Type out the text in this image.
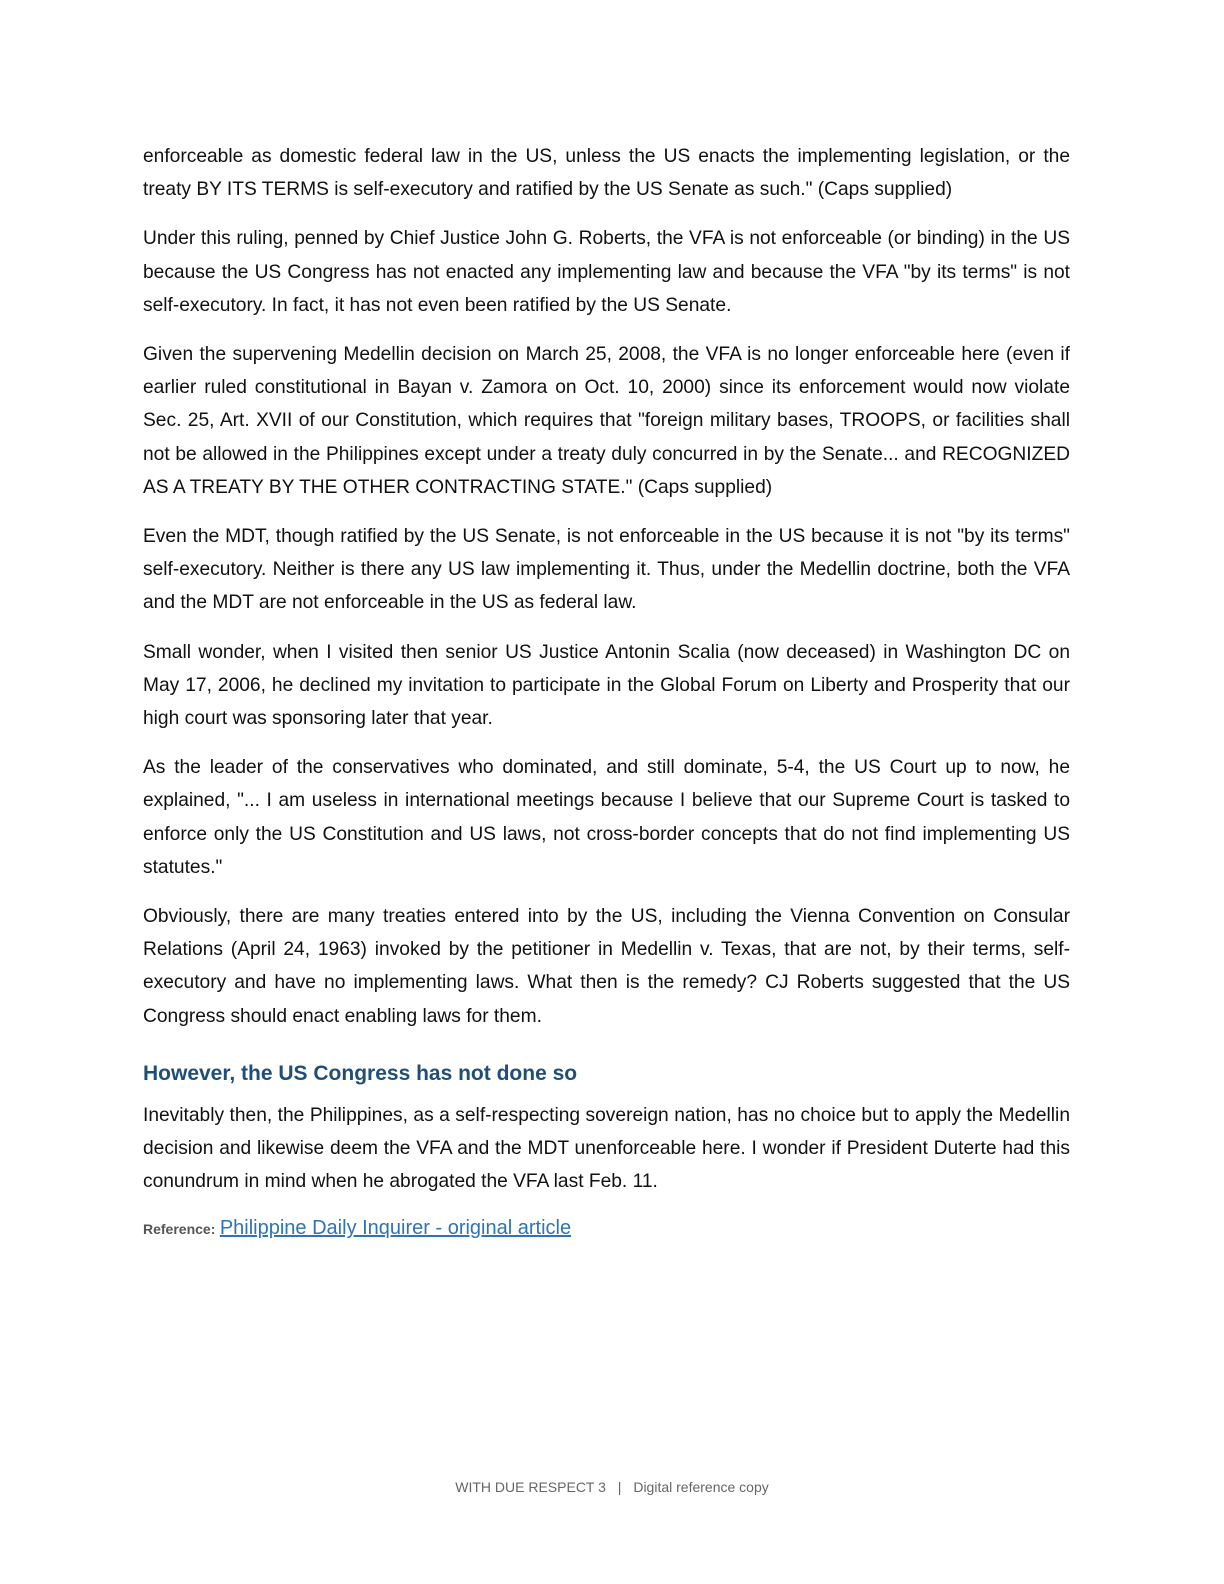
enforceable as domestic federal law in the US, unless the US enacts the implementing legislation, or the treaty BY ITS TERMS is self-executory and ratified by the US Senate as such." (Caps supplied)

Under this ruling, penned by Chief Justice John G. Roberts, the VFA is not enforceable (or binding) in the US because the US Congress has not enacted any implementing law and because the VFA "by its terms" is not self-executory. In fact, it has not even been ratified by the US Senate.

Given the supervening Medellin decision on March 25, 2008, the VFA is no longer enforceable here (even if earlier ruled constitutional in Bayan v. Zamora on Oct. 10, 2000) since its enforcement would now violate Sec. 25, Art. XVII of our Constitution, which requires that "foreign military bases, TROOPS, or facilities shall not be allowed in the Philippines except under a treaty duly concurred in by the Senate... and RECOGNIZED AS A TREATY BY THE OTHER CONTRACTING STATE." (Caps supplied)

Even the MDT, though ratified by the US Senate, is not enforceable in the US because it is not "by its terms" self-executory. Neither is there any US law implementing it. Thus, under the Medellin doctrine, both the VFA and the MDT are not enforceable in the US as federal law.

Small wonder, when I visited then senior US Justice Antonin Scalia (now deceased) in Washington DC on May 17, 2006, he declined my invitation to participate in the Global Forum on Liberty and Prosperity that our high court was sponsoring later that year.

As the leader of the conservatives who dominated, and still dominate, 5-4, the US Court up to now, he explained, "... I am useless in international meetings because I believe that our Supreme Court is tasked to enforce only the US Constitution and US laws, not cross-border concepts that do not find implementing US statutes."

Obviously, there are many treaties entered into by the US, including the Vienna Convention on Consular Relations (April 24, 1963) invoked by the petitioner in Medellin v. Texas, that are not, by their terms, self-executory and have no implementing laws. What then is the remedy? CJ Roberts suggested that the US Congress should enact enabling laws for them.

However, the US Congress has not done so

Inevitably then, the Philippines, as a self-respecting sovereign nation, has no choice but to apply the Medellin decision and likewise deem the VFA and the MDT unenforceable here. I wonder if President Duterte had this conundrum in mind when he abrogated the VFA last Feb. 11.

Reference: Philippine Daily Inquirer - original article
WITH DUE RESPECT 3 | Digital reference copy
